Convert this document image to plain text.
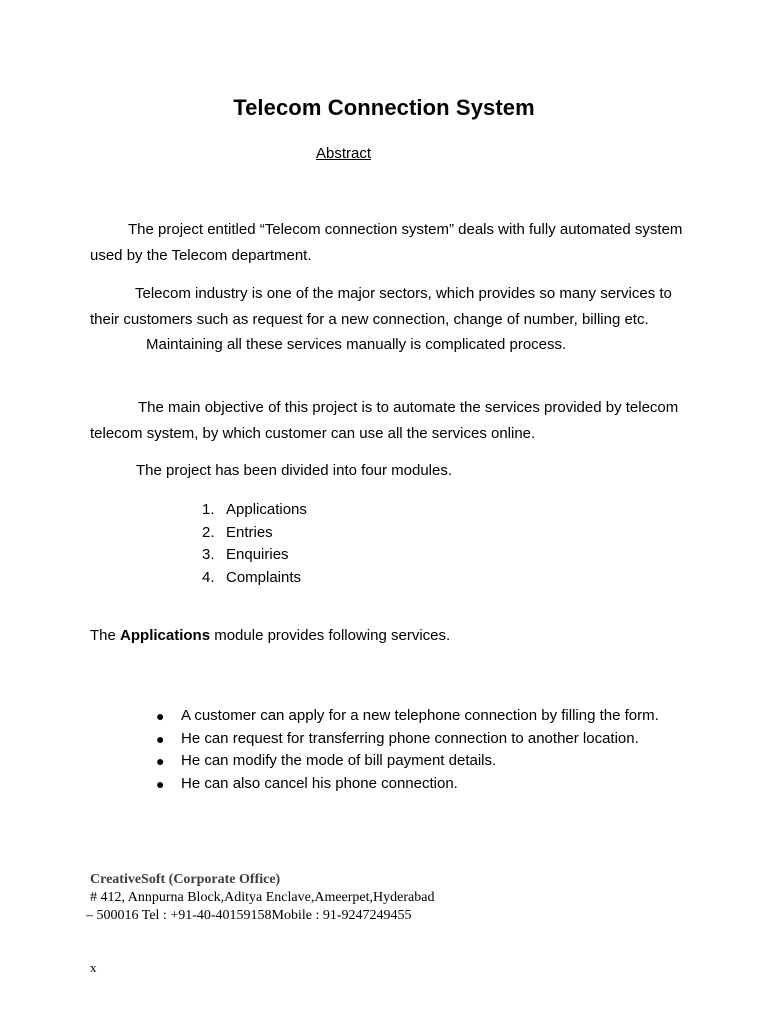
Telecom Connection System
Abstract
The project entitled “Telecom connection system” deals with fully automated system used by the Telecom department.
Telecom industry is one of the major sectors, which provides so many services to their customers such as request for a new connection, change of number, billing etc.Maintaining all these services manually is complicated process.
The main objective of this project is to automate the services provided by telecom telecom system, by which customer can use all the services online.
The project has been divided into four modules.
1. Applications
2. Entries
3. Enquiries
4. Complaints
The Applications module provides following services.
●	A customer can apply for a new telephone connection by filling the form.
●	He can request for transferring phone connection to another location.
●	He can modify the mode of bill payment details.
●	He can also cancel his phone connection.
CreativeSoft (Corporate Office)
# 412, Annpurna Block,Aditya Enclave,Ameerpet,Hyderabad
– 500016 Tel : +91-40-40159158Mobile : 91-9247249455
x
